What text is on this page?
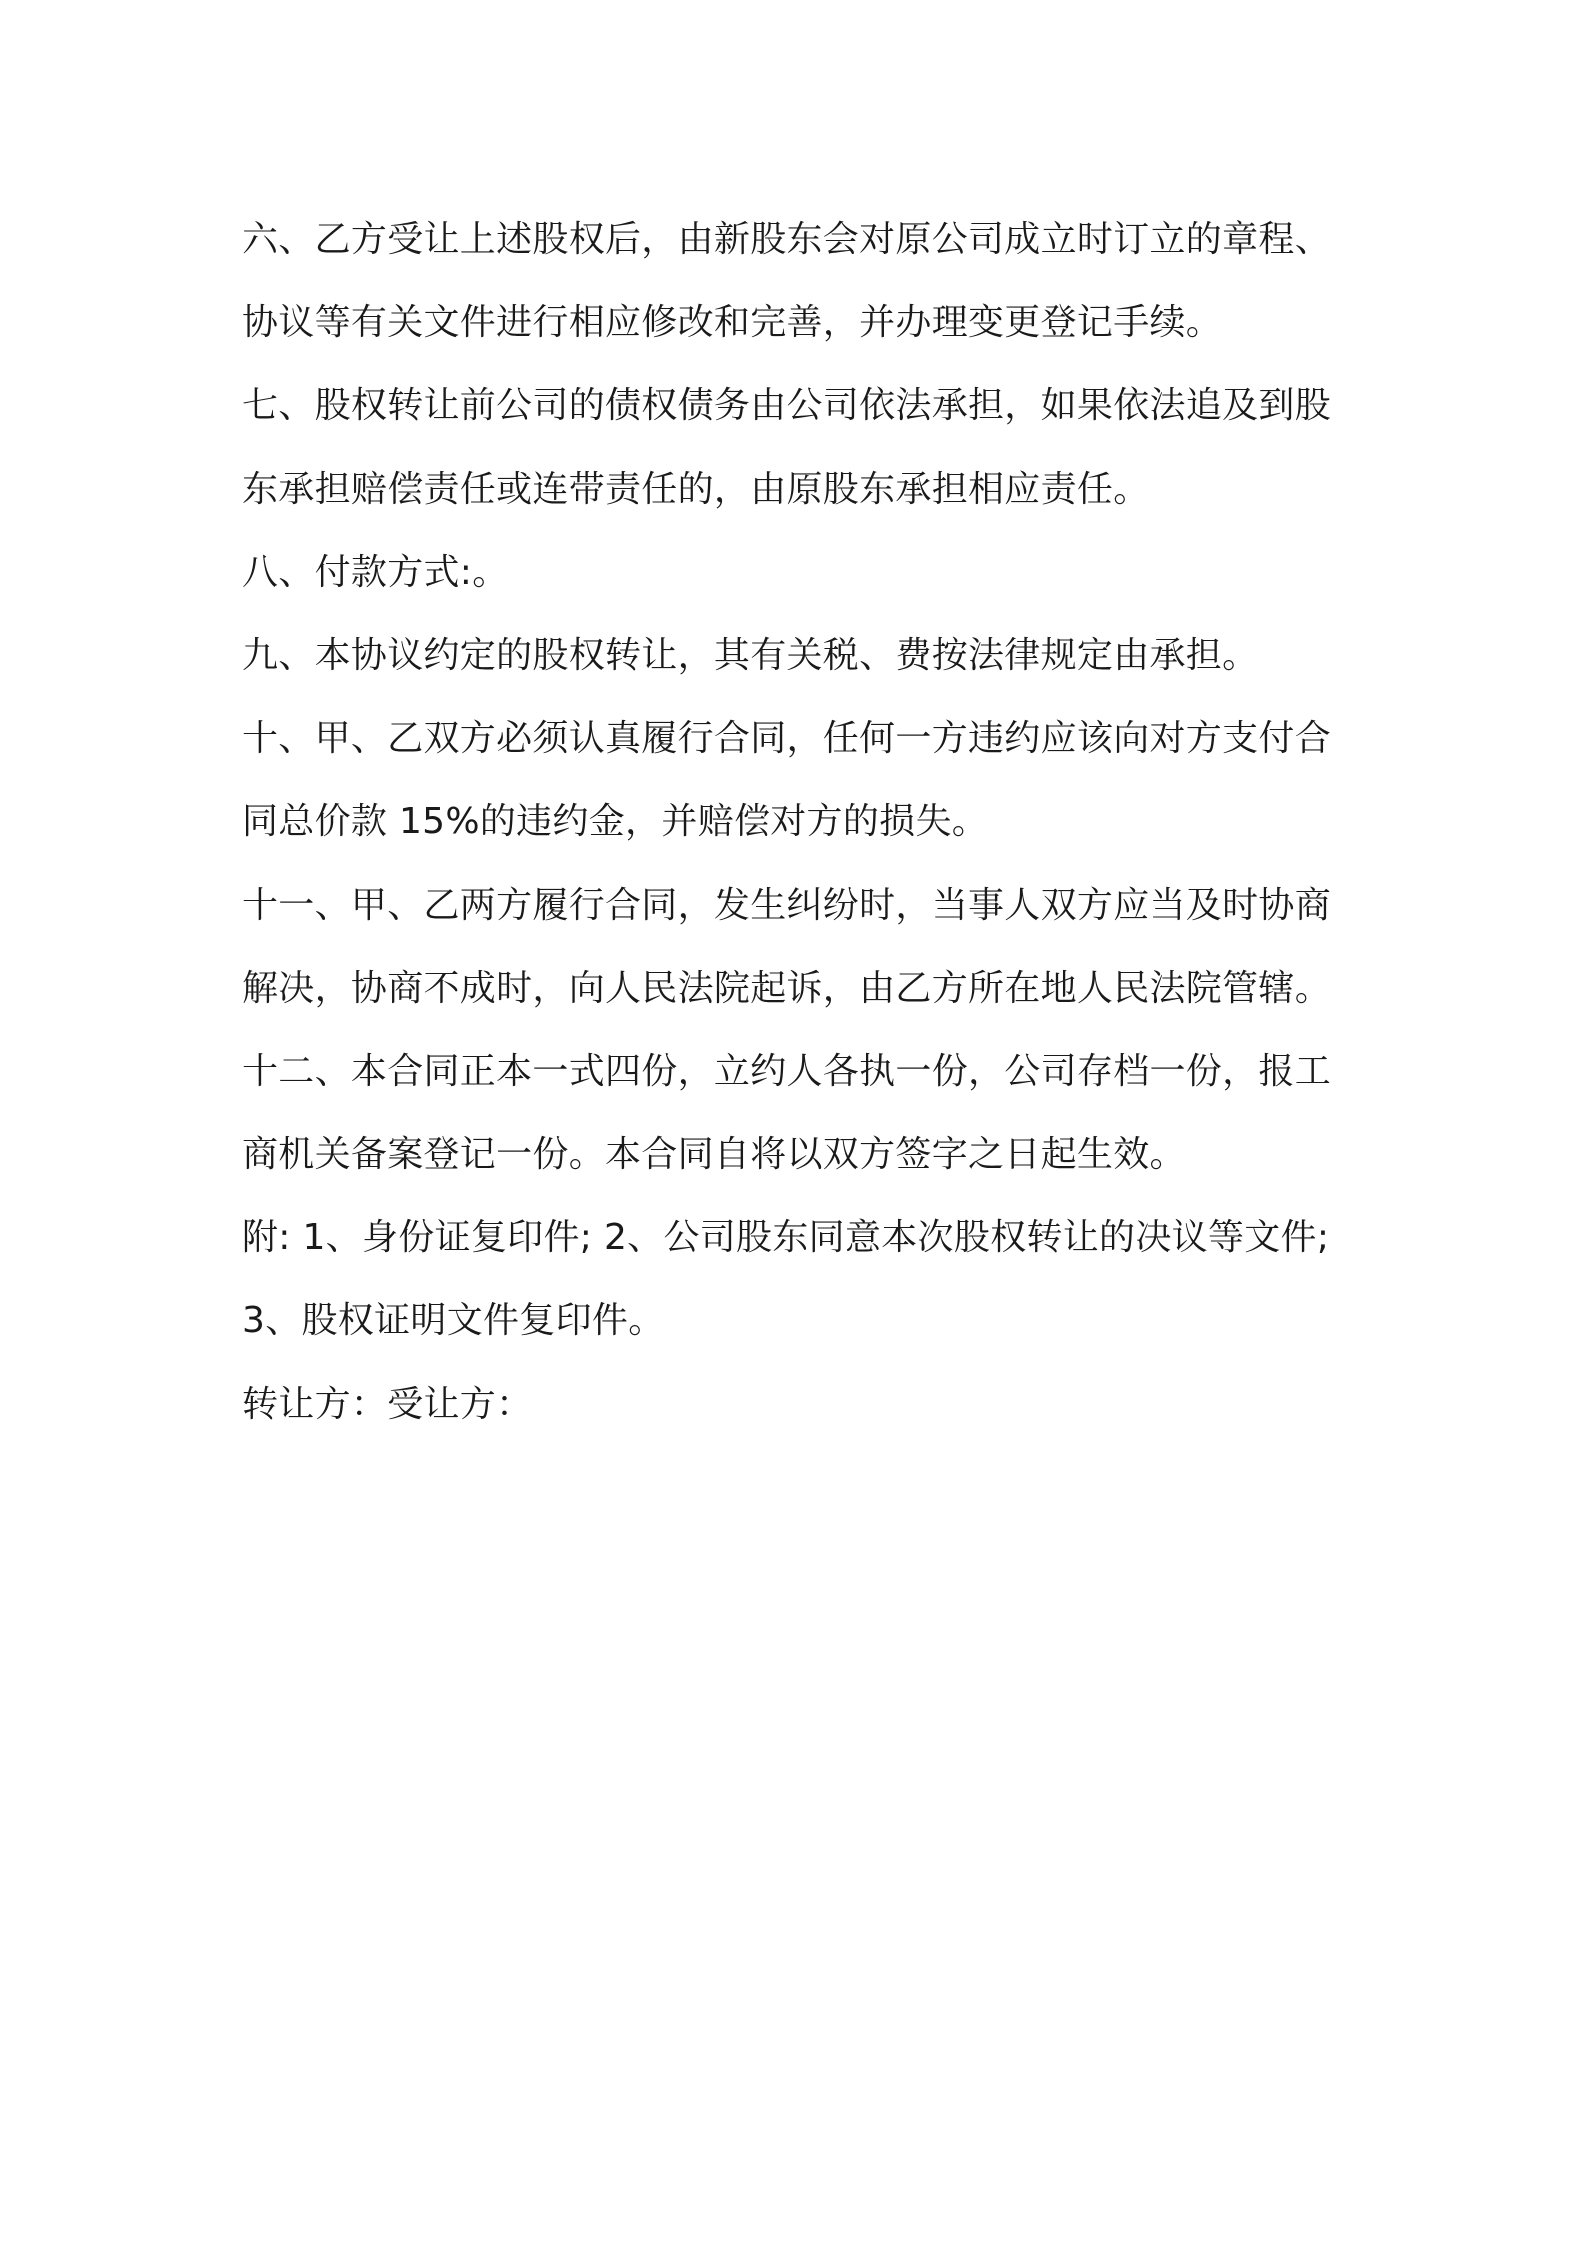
六、乙方受让上述股权后，由新股东会对原公司成立时订立的章程、
协议等有关文件进行相应修改和完善，并办理变更登记手续。
七、股权转让前公司的债权债务由公司依法承担，如果依法追及到股
东承担赔偿责任或连带责任的，由原股东承担相应责任。
八、付款方式:。
九、本协议约定的股权转让，其有关税、费按法律规定由承担。
十、甲、乙双方必须认真履行合同，任何一方违约应该向对方支付合
同总价款 15%的违约金，并赔偿对方的损失。
十一、甲、乙两方履行合同，发生纠纷时，当事人双方应当及时协商
解决，协商不成时，向人民法院起诉，由乙方所在地人民法院管辖。
十二、本合同正本一式四份，立约人各执一份，公司存档一份，报工
商机关备案登记一份。本合同自将以双方签字之日起生效。
附: 1、身份证复印件; 2、公司股东同意本次股权转让的决议等文件;
3、股权证明文件复印件。
转让方：受让方：
